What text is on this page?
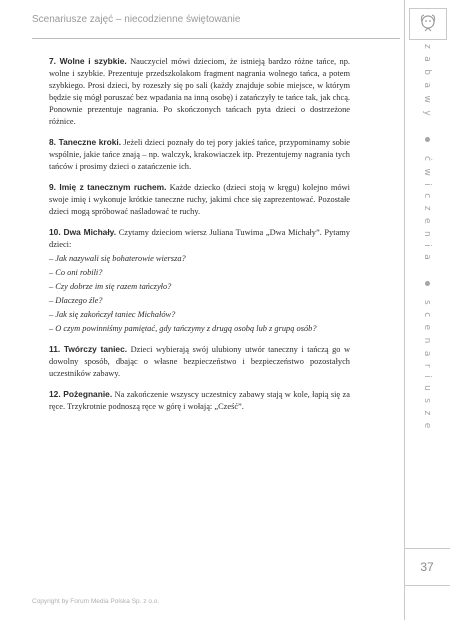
Scenariusze zajęć – niecodzienne świętowanie
zabawy
ćwiczenia
scenariusze
37

7. Wolne i szybkie. Nauczyciel mówi dzieciom, że istnieją bardzo różne tańce, np. wolne i szybkie. Prezentuje przedszkolakom fragment nagrania wolnego tańca, a potem szybkiego. Prosi dzieci, by rozeszły się po sali (każdy znajduje sobie miejsce, w którym będzie się mógł poruszać bez wpadania na inną osobę) i zatańczyły te tańce tak, jak chcą. Ponownie prezentuje nagrania. Po skończonych tańcach pyta dzieci o dostrzeżone różnice.

8. Taneczne kroki. Jeżeli dzieci poznały do tej pory jakieś tańce, przypominamy sobie wspólnie, jakie tańce znają – np. walczyk, krakowiaczek itp. Prezentujemy nagrania tych tańców i prosimy dzieci o zatańczenie ich.

9. Imię z tanecznym ruchem. Każde dziecko (dzieci stoją w kręgu) kolejno mówi swoje imię i wykonuje krótkie taneczne ruchy, jakimi chce się zaprezentować. Pozostałe dzieci mogą spróbować naśladować te ruchy.

10. Dwa Michały. Czytamy dzieciom wiersz Juliana Tuwima „Dwa Michały”. Pytamy dzieci:

– Jak nazywali się bohaterowie wiersza?

– Co oni robili?

– Czy dobrze im się razem tańczyło?

– Dlaczego źle?

– Jak się zakończył taniec Michałów?

– O czym powinniśmy pamiętać, gdy tańczymy z drugą osobą lub z grupą osób?

11. Twórczy taniec. Dzieci wybierają swój ulubiony utwór taneczny i tańczą go w dowolny sposób, dbając o własne bezpieczeństwo i bezpieczeństwo pozostałych uczestników zabawy.

12. Pożegnanie. Na zakończenie wszyscy uczestnicy zabawy stają w kole, łapią się za ręce. Trzykrotnie podnoszą ręce w górę i wołają: „Cześć”.

Copyright by Forum Media Polska Sp. z o.o.
